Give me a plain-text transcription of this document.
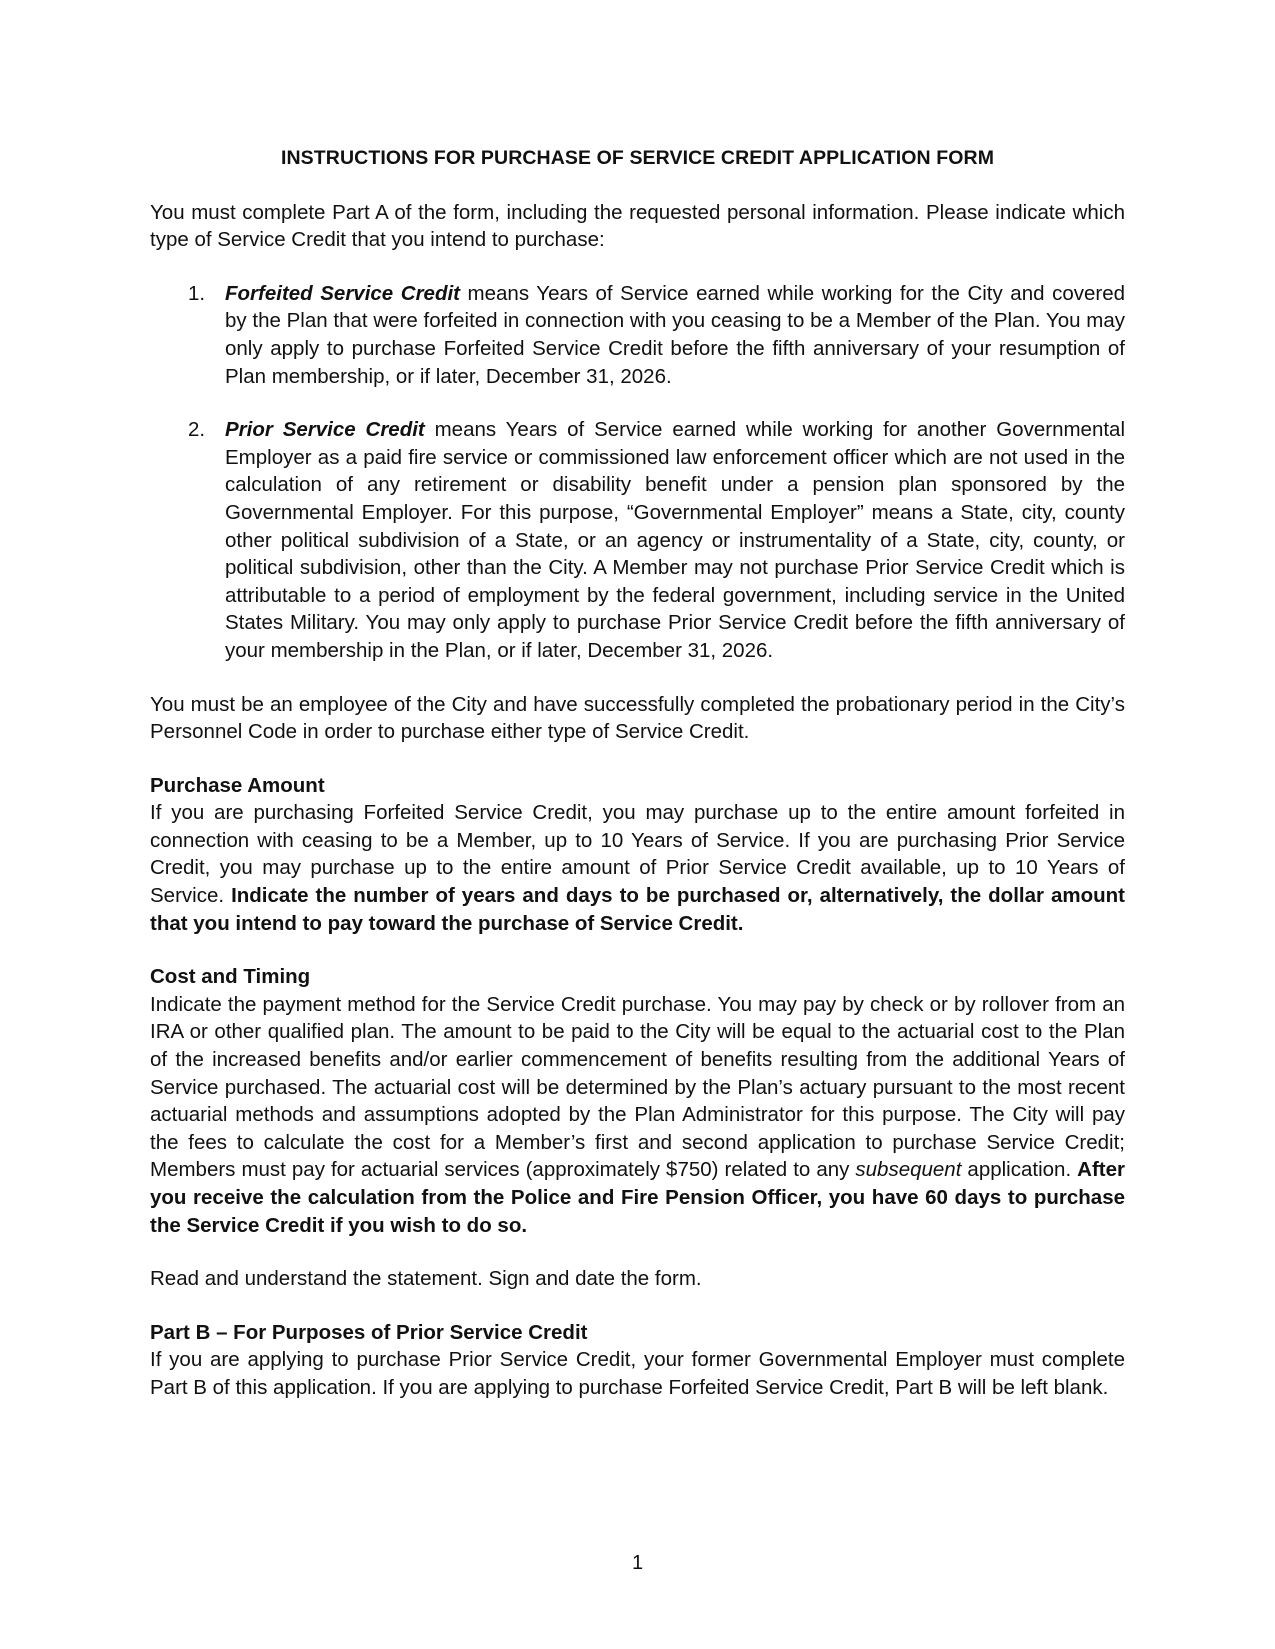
INSTRUCTIONS FOR PURCHASE OF SERVICE CREDIT APPLICATION FORM

You must complete Part A of the form, including the requested personal information. Please indicate which type of Service Credit that you intend to purchase:

1. Forfeited Service Credit means Years of Service earned while working for the City and covered by the Plan that were forfeited in connection with you ceasing to be a Member of the Plan. You may only apply to purchase Forfeited Service Credit before the fifth anniversary of your resumption of Plan membership, or if later, December 31, 2026.
2. Prior Service Credit means Years of Service earned while working for another Governmental Employer as a paid fire service or commissioned law enforcement officer which are not used in the calculation of any retirement or disability benefit under a pension plan sponsored by the Governmental Employer. For this purpose, “Governmental Employer” means a State, city, county other political subdivision of a State, or an agency or instrumentality of a State, city, county, or political subdivision, other than the City. A Member may not purchase Prior Service Credit which is attributable to a period of employment by the federal government, including service in the United States Military. You may only apply to purchase Prior Service Credit before the fifth anniversary of your membership in the Plan, or if later, December 31, 2026.

You must be an employee of the City and have successfully completed the probationary period in the City’s Personnel Code in order to purchase either type of Service Credit.

Purchase Amount

If you are purchasing Forfeited Service Credit, you may purchase up to the entire amount forfeited in connection with ceasing to be a Member, up to 10 Years of Service. If you are purchasing Prior Service Credit, you may purchase up to the entire amount of Prior Service Credit available, up to 10 Years of Service. Indicate the number of years and days to be purchased or, alternatively, the dollar amount that you intend to pay toward the purchase of Service Credit.

Cost and Timing

Indicate the payment method for the Service Credit purchase. You may pay by check or by rollover from an IRA or other qualified plan. The amount to be paid to the City will be equal to the actuarial cost to the Plan of the increased benefits and/or earlier commencement of benefits resulting from the additional Years of Service purchased. The actuarial cost will be determined by the Plan’s actuary pursuant to the most recent actuarial methods and assumptions adopted by the Plan Administrator for this purpose. The City will pay the fees to calculate the cost for a Member’s first and second application to purchase Service Credit; Members must pay for actuarial services (approximately $750) related to any subsequent application. After you receive the calculation from the Police and Fire Pension Officer, you have 60 days to purchase the Service Credit if you wish to do so.

Read and understand the statement. Sign and date the form.

Part B – For Purposes of Prior Service Credit

If you are applying to purchase Prior Service Credit, your former Governmental Employer must complete Part B of this application. If you are applying to purchase Forfeited Service Credit, Part B will be left blank.

1
